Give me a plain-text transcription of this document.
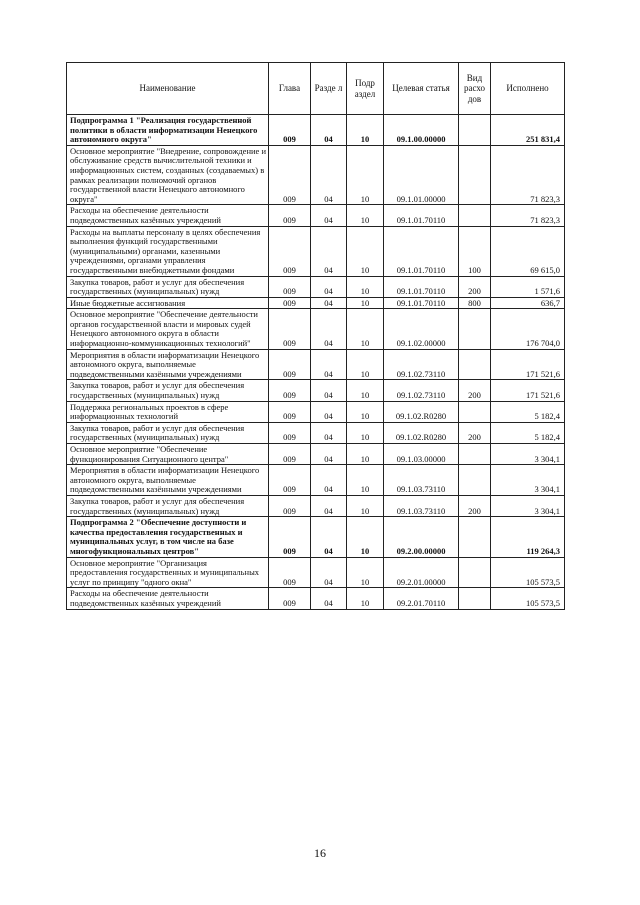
Наименование	Глава	Разде л	Подр аздел	Целевая статья	Вид расхо дов	Исполнено
Подпрограмма 1 "Реализация государственной политики в области информатизации Ненецкого автономного округа"	009	04	10	09.1.00.00000		251 831,4
Основное мероприятие "Внедрение, сопровождение и обслуживание средств вычислительной техники и информационных систем, созданных (создаваемых) в рамках реализации полномочий органов государственной власти Ненецкого автономного округа"	009	04	10	09.1.01.00000		71 823,3
Расходы на обеспечение деятельности подведомственных казённых учреждений	009	04	10	09.1.01.70110		71 823,3
Расходы на выплаты персоналу в целях обеспечения выполнения функций государственными (муниципальными) органами, казенными учреждениями, органами управления государственными внебюджетными фондами	009	04	10	09.1.01.70110	100	69 615,0
Закупка товаров, работ и услуг для обеспечения государственных (муниципальных) нужд	009	04	10	09.1.01.70110	200	1 571,6
Иные бюджетные ассигнования	009	04	10	09.1.01.70110	800	636,7
Основное мероприятие "Обеспечение деятельности органов государственной власти и мировых судей Ненецкого автономного округа в области информационно-коммуникационных технологий"	009	04	10	09.1.02.00000		176 704,0
Мероприятия в области информатизации Ненецкого автономного округа, выполняемые подведомственными казёнными учреждениями	009	04	10	09.1.02.73110		171 521,6
Закупка товаров, работ и услуг для обеспечения государственных (муниципальных) нужд	009	04	10	09.1.02.73110	200	171 521,6
Поддержка региональных проектов в сфере информационных технологий	009	04	10	09.1.02.R0280		5 182,4
Закупка товаров, работ и услуг для обеспечения государственных (муниципальных) нужд	009	04	10	09.1.02.R0280	200	5 182,4
Основное мероприятие "Обеспечение функционирования Ситуационного центра"	009	04	10	09.1.03.00000		3 304,1
Мероприятия в области информатизации Ненецкого автономного округа, выполняемые подведомственными казёнными учреждениями	009	04	10	09.1.03.73110		3 304,1
Закупка товаров, работ и услуг для обеспечения государственных (муниципальных) нужд	009	04	10	09.1.03.73110	200	3 304,1
Подпрограмма 2 "Обеспечение доступности и качества предоставления государственных и муниципальных услуг, в том числе на базе многофункциональных центров"	009	04	10	09.2.00.00000		119 264,3
Основное мероприятие "Организация предоставления государственных и муниципальных услуг по принципу "одного окна"	009	04	10	09.2.01.00000		105 573,5
Расходы на обеспечение деятельности подведомственных казённых учреждений	009	04	10	09.2.01.70110		105 573,5
16
